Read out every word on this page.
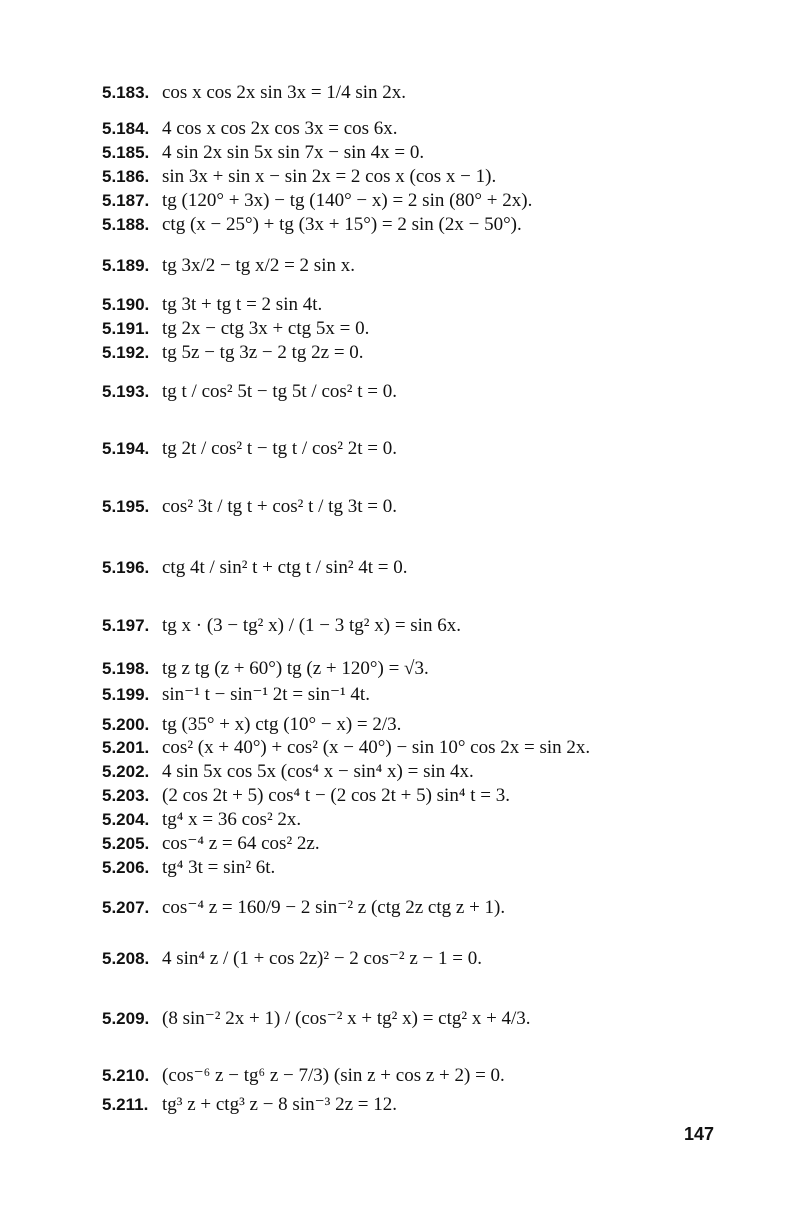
5.183. cos x cos 2x sin 3x = 1/4 sin 2x.
5.184. 4 cos x cos 2x cos 3x = cos 6x.
5.185. 4 sin 2x sin 5x sin 7x − sin 4x = 0.
5.186. sin 3x + sin x − sin 2x = 2 cos x (cos x − 1).
5.187. tg (120° + 3x) − tg (140° − x) = 2 sin (80° + 2x).
5.188. ctg (x − 25°) + tg (3x + 15°) = 2 sin (2x − 50°).
5.189. tg 3x/2 − tg x/2 = 2 sin x.
5.190. tg 3t + tg t = 2 sin 4t.
5.191. tg 2x − ctg 3x + ctg 5x = 0.
5.192. tg 5z − tg 3z − 2 tg 2z = 0.
5.193. tg t / cos² 5t − tg 5t / cos² t = 0.
5.194. tg 2t / cos² t − tg t / cos² 2t = 0.
5.195. cos² 3t / tg t + cos² t / tg 3t = 0.
5.196. ctg 4t / sin² t + ctg t / sin² 4t = 0.
5.197. tg x · (3 − tg² x) / (1 − 3 tg² x) = sin 6x.
5.198. tg z tg (z + 60°) tg (z + 120°) = √3.
5.199. sin⁻¹ t − sin⁻¹ 2t = sin⁻¹ 4t.
5.200. tg (35° + x) ctg (10° − x) = 2/3.
5.201. cos² (x + 40°) + cos² (x − 40°) − sin 10° cos 2x = sin 2x.
5.202. 4 sin 5x cos 5x (cos⁴ x − sin⁴ x) = sin 4x.
5.203. (2 cos 2t + 5) cos⁴ t − (2 cos 2t + 5) sin⁴ t = 3.
5.204. tg⁴ x = 36 cos² 2x.
5.205. cos⁻⁴ z = 64 cos² 2z.
5.206. tg⁴ 3t = sin² 6t.
5.207. cos⁻⁴ z = 160/9 − 2 sin⁻² z (ctg 2z ctg z + 1).
5.208. 4 sin⁴ z / (1 + cos 2z)² − 2 cos⁻² z − 1 = 0.
5.209. (8 sin⁻² 2x + 1) / (cos⁻² x + tg² x) = ctg² x + 4/3.
5.210. (cos⁻⁶ z − tg⁶ z − 7/3) (sin z + cos z + 2) = 0.
5.211. tg³ z + ctg³ z − 8 sin⁻³ 2z = 12.
147
